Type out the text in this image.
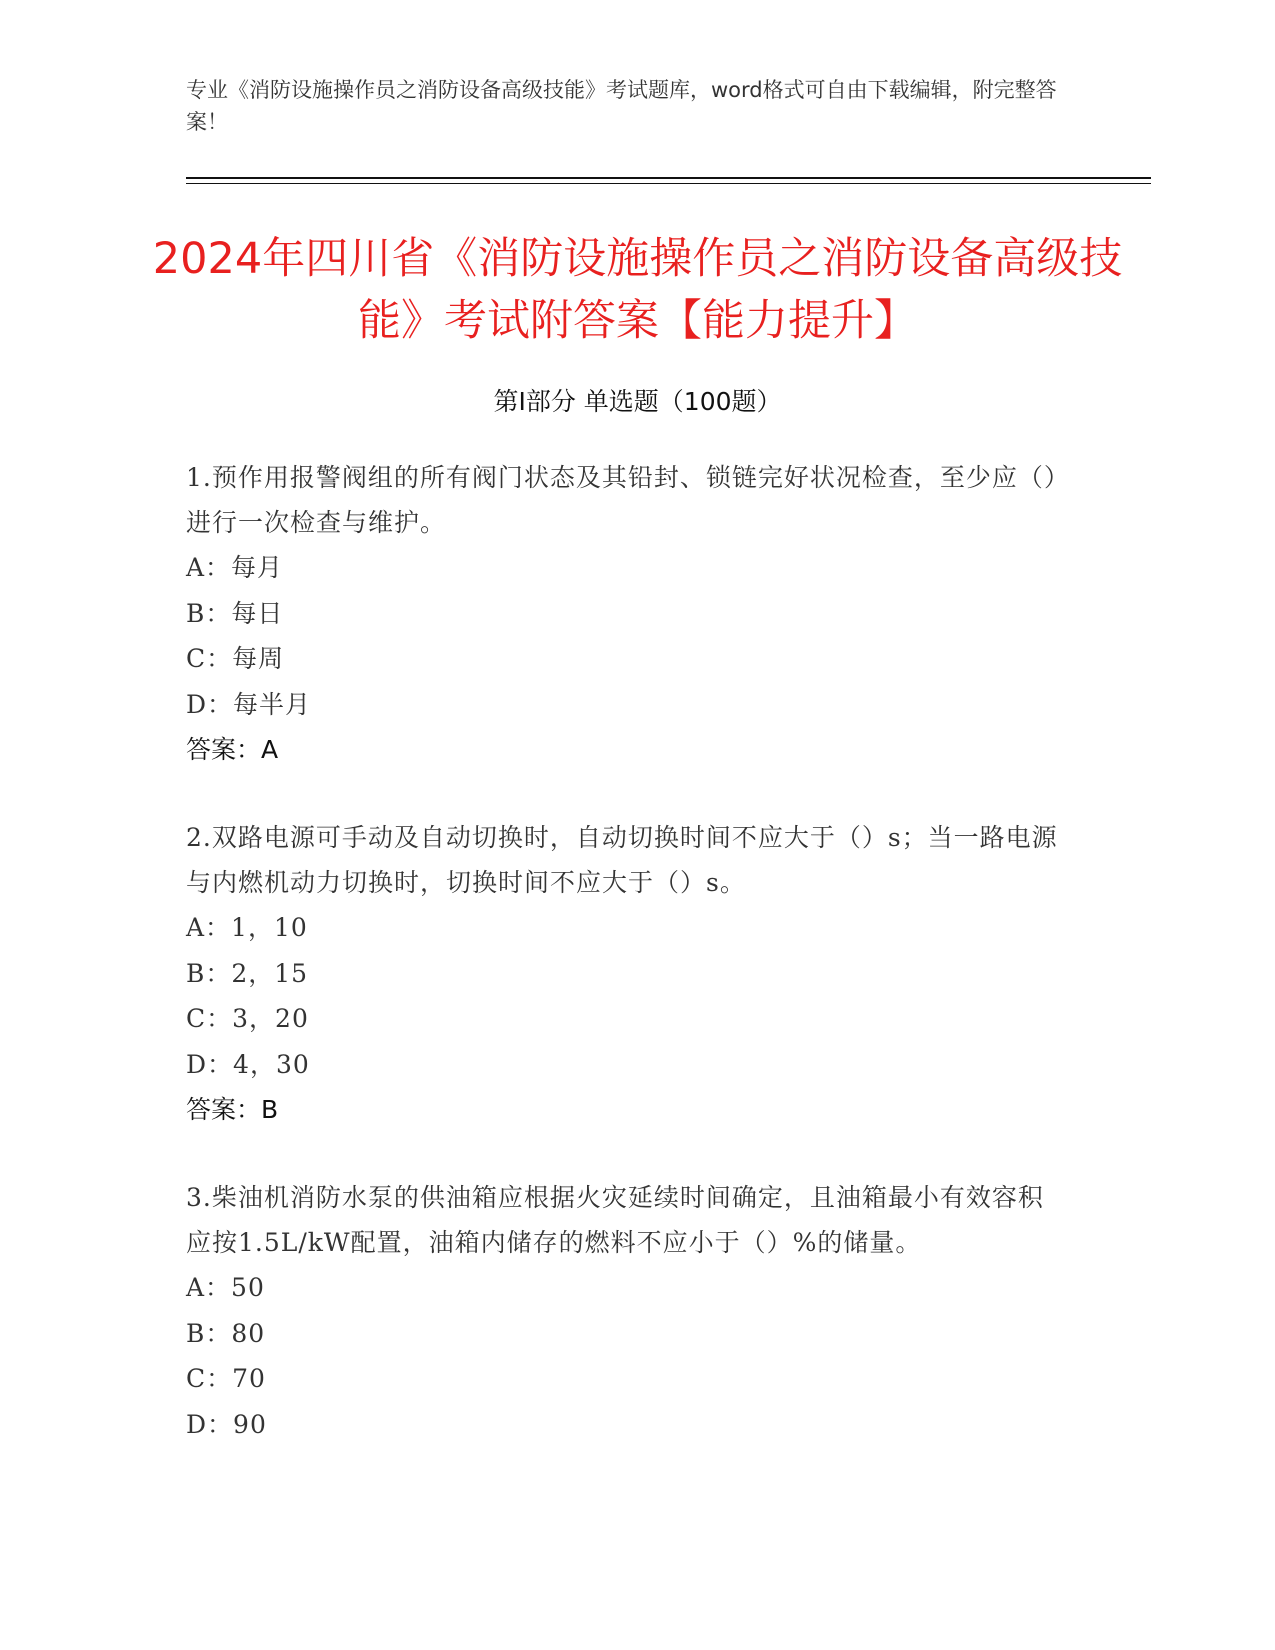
专业《消防设施操作员之消防设备高级技能》考试题库，word格式可自由下载编辑，附完整答案！
2024年四川省《消防设施操作员之消防设备高级技能》考试附答案【能力提升】
第I部分 单选题（100题）
1.预作用报警阀组的所有阀门状态及其铅封、锁链完好状况检查，至少应（）进行一次检查与维护。
A：每月
B：每日
C：每周
D：每半月
答案：A
2.双路电源可手动及自动切换时，自动切换时间不应大于（）s；当一路电源与内燃机动力切换时，切换时间不应大于（）s。
A：1，10
B：2，15
C：3，20
D：4，30
答案：B
3.柴油机消防水泵的供油箱应根据火灾延续时间确定，且油箱最小有效容积应按1.5L/kW配置，油箱内储存的燃料不应小于（）%的储量。
A：50
B：80
C：70
D：90
